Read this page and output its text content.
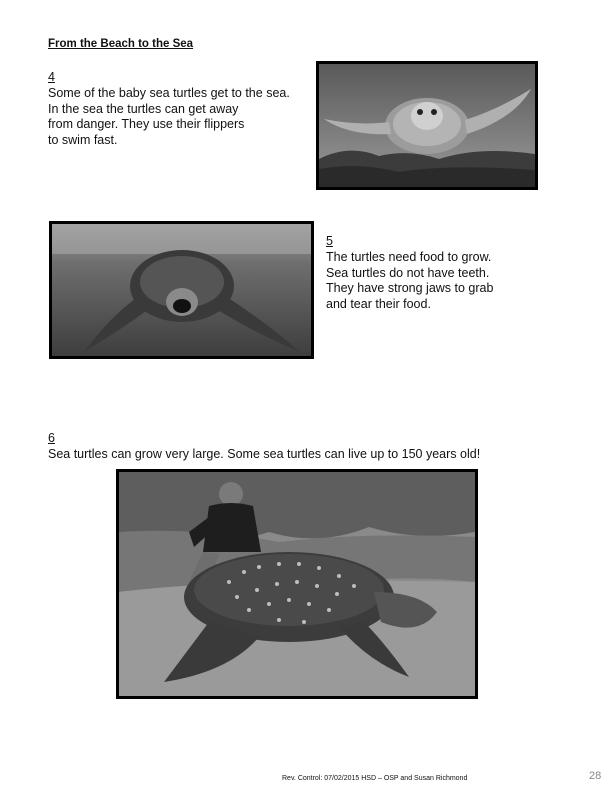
From the Beach to the Sea
4
Some of the baby sea turtles get to the sea.
In the sea the turtles can get away
from danger. They use their flippers
to swim fast.
5
The turtles need food to grow.
Sea turtles do not have teeth.
They have strong jaws to grab
and tear their food.
6
Sea turtles can grow very large. Some sea turtles can live up to 150 years old!
Rev. Control: 07/02/2015 HSD – OSP and Susan Richmond	28
